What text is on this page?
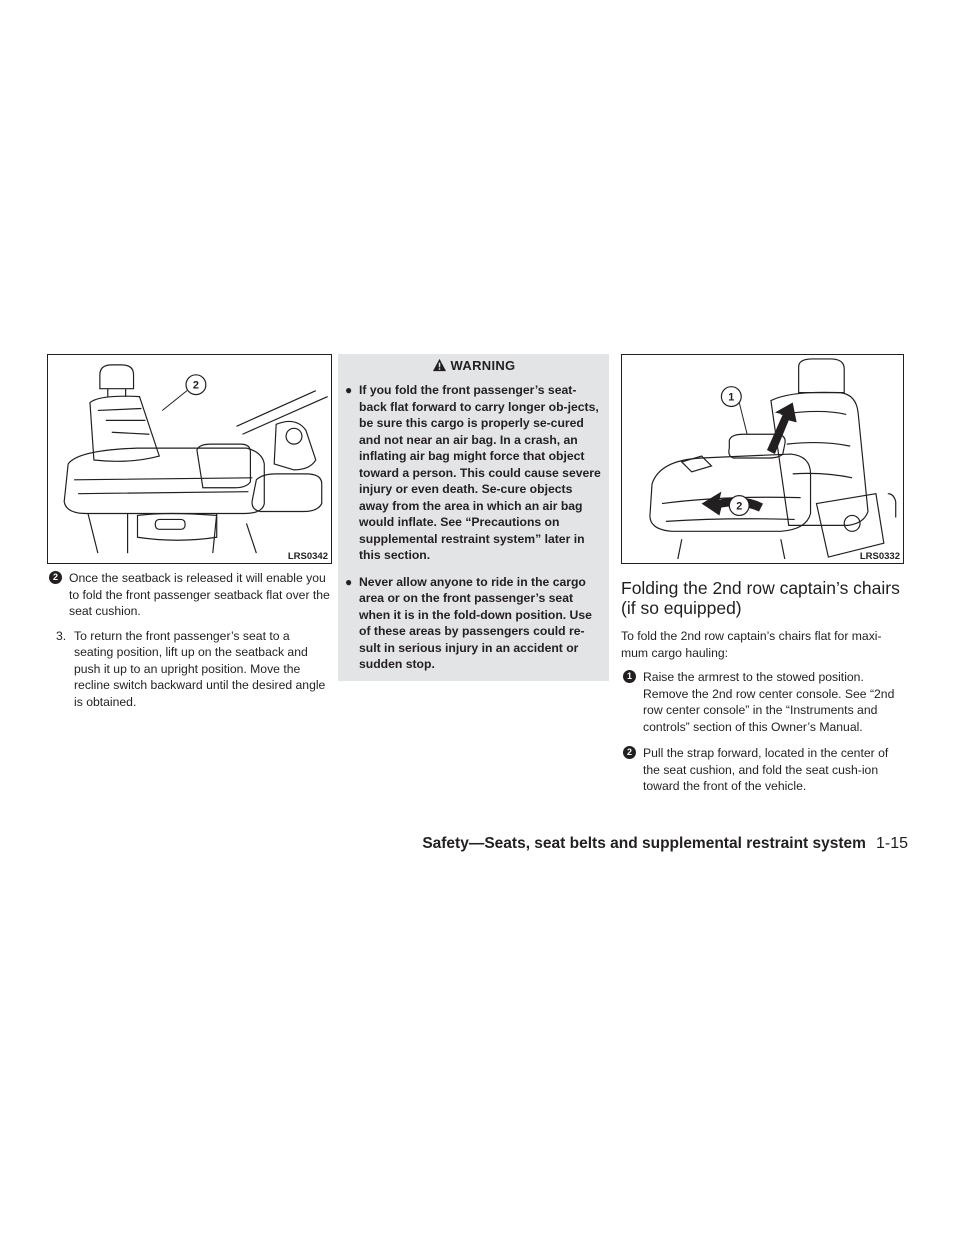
2
LRS0342
2 Once the seatback is released it will enable you to fold the front passenger seatback flat over the seat cushion.
3. To return the front passenger’s seat to a seating position, lift up on the seatback and push it up to an upright position. Move the recline switch backward until the desired angle is obtained.
WARNING
● If you fold the front passenger’s seat-back flat forward to carry longer ob-jects, be sure this cargo is properly se-cured and not near an air bag. In a crash, an inflating air bag might force that object toward a person. This could cause severe injury or even death. Se-cure objects away from the area in which an air bag would inflate. See “Precautions on supplemental restraint system” later in this section.
● Never allow anyone to ride in the cargo area or on the front passenger’s seat when it is in the fold-down position. Use of these areas by passengers could re-sult in serious injury in an accident or sudden stop.
1
2
LRS0332
Folding the 2nd row captain’s chairs (if so equipped)

To fold the 2nd row captain’s chairs flat for maxi-mum cargo hauling:

1 Raise the armrest to the stowed position. Remove the 2nd row center console. See “2nd row center console” in the “Instruments and controls” section of this Owner’s Manual.
2 Pull the strap forward, located in the center of the seat cushion, and fold the seat cush-ion toward the front of the vehicle.
Safety—Seats, seat belts and supplemental restraint system 1-15
